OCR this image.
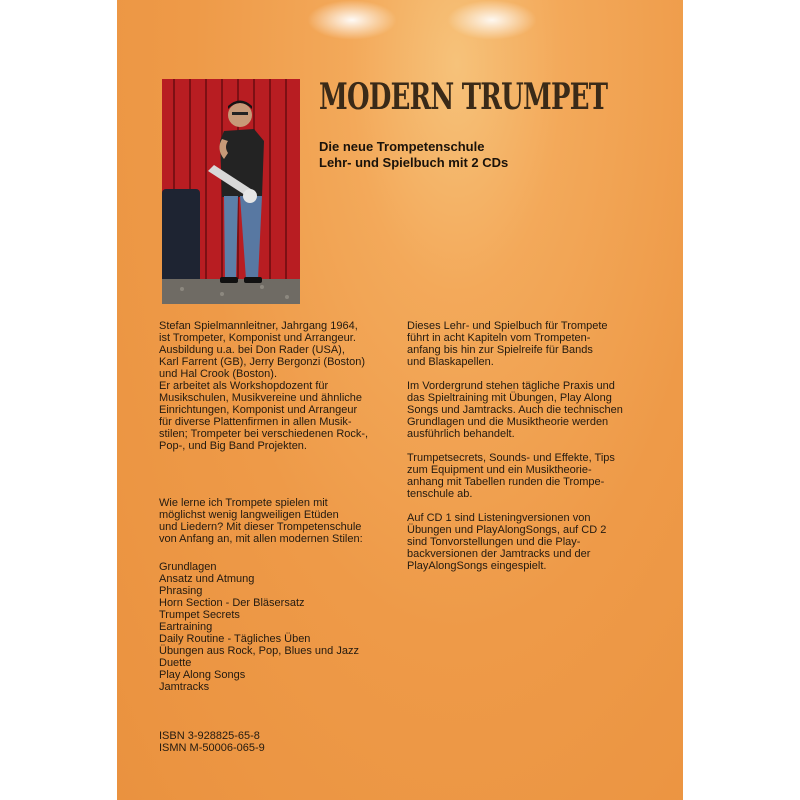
MODERN TRUMPET
Die neue Trompetenschule
Lehr- und Spielbuch mit 2 CDs
Stefan Spielmannleitner, Jahrgang 1964,
ist Trompeter, Komponist und Arrangeur.
Ausbildung u.a. bei Don Rader (USA),
Karl Farrent (GB), Jerry Bergonzi (Boston)
und Hal Crook (Boston).
Er arbeitet als Workshopdozent für
Musikschulen, Musikvereine und ähnliche
Einrichtungen, Komponist und Arrangeur
für diverse Plattenfirmen in allen Musik-
stilen; Trompeter bei verschiedenen Rock-,
Pop-, und Big Band Projekten.
Wie lerne ich Trompete spielen mit
möglichst wenig langweiligen Etüden
und Liedern? Mit dieser Trompetenschule
von Anfang an, mit allen modernen Stilen:
Grundlagen
Ansatz und Atmung
Phrasing
Horn Section - Der Bläsersatz
Trumpet Secrets
Eartraining
Daily Routine - Tägliches Üben
Übungen aus Rock, Pop, Blues und Jazz
Duette
Play Along Songs
Jamtracks
ISBN 3-928825-65-8
ISMN M-50006-065-9

Dieses Lehr- und Spielbuch für Trompete
führt in acht Kapiteln vom Trompeten-
anfang bis hin zur Spielreife für Bands
und Blaskapellen.

Im Vordergrund stehen tägliche Praxis und
das Spieltraining mit Übungen, Play Along
Songs und Jamtracks. Auch die technischen
Grundlagen und die Musiktheorie werden
ausführlich behandelt.

Trumpetsecrets, Sounds- und Effekte, Tips
zum Equipment und ein Musiktheorie-
anhang mit Tabellen runden die Trompe-
tenschule ab.

Auf CD 1 sind Listeningversionen von
Übungen und PlayAlongSongs, auf CD 2
sind Tonvorstellungen und die Play-
backversionen der Jamtracks und der
PlayAlongSongs eingespielt.
